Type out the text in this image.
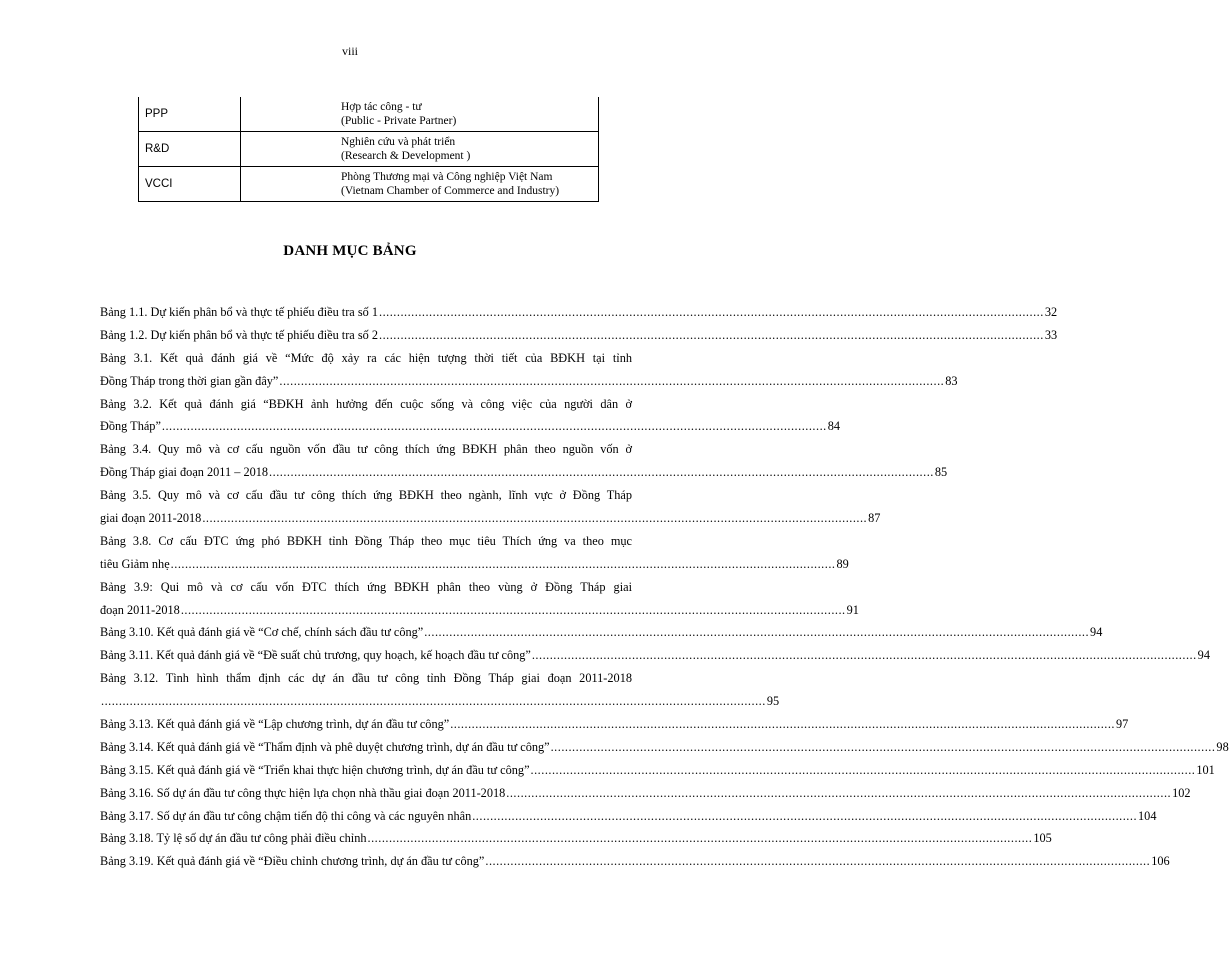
viii
PPP	Hợp tác công - tư
(Public - Private Partner)

R&D	Nghiên cứu và phát triển
(Research & Development )

VCCI	Phòng Thương mại và Công nghiệp Việt Nam
(Vietnam Chamber of Commerce and Industry)
DANH MỤC BẢNG
Bảng 1.1. Dự kiến phân bổ và thực tế phiếu điều tra số 1 .......................................................................................................................................................................................... 32
Bảng 1.2. Dự kiến phân bổ và thực tế phiếu điều tra số 2 .......................................................................................................................................................................................... 33
Bảng 3.1. Kết quả đánh giá về “Mức độ xảy ra các hiện tượng thời tiết của BĐKH tại tỉnh
Đồng Tháp trong thời gian gần đây” .......................................................................................................................................................................................... 83
Bảng 3.2. Kết quả đánh giá “BĐKH ảnh hưởng đến cuộc sống và công việc của người dân ở
Đồng Tháp” .......................................................................................................................................................................................... 84
Bảng 3.4. Quy mô và cơ cấu nguồn vốn đầu tư công thích ứng BĐKH phân theo nguồn vốn ở
Đồng Tháp giai đoạn 2011 – 2018 .......................................................................................................................................................................................... 85
Bảng 3.5. Quy mô và cơ cấu đầu tư công thích ứng BĐKH theo ngành, lĩnh vực ở Đồng Tháp
giai đoạn 2011-2018 .......................................................................................................................................................................................... 87
Bảng 3.8. Cơ cấu ĐTC ứng phó BĐKH tỉnh Đồng Tháp theo mục tiêu Thích ứng va theo mục
tiêu Giảm nhẹ .......................................................................................................................................................................................... 89
Bảng 3.9: Qui mô và cơ cấu vốn ĐTC thích ứng BĐKH phân theo vùng ở Đồng Tháp giai
đoạn 2011-2018 .......................................................................................................................................................................................... 91
Bảng 3.10. Kết quả đánh giá về “Cơ chế, chính sách đầu tư công” .......................................................................................................................................................................................... 94
Bảng 3.11. Kết quả đánh giá về “Đề suất chủ trương, quy hoạch, kế hoạch đầu tư công” .......................................................................................................................................................................................... 94
Bảng 3.12. Tình hình thẩm định các dự án đầu tư công tỉnh Đồng Tháp giai đoạn 2011-2018
.......................................................................................................................................................................................... 95
Bảng 3.13. Kết quả đánh giá về “Lập chương trình, dự án đầu tư công” .......................................................................................................................................................................................... 97
Bảng 3.14. Kết quả đánh giá về “Thẩm định và phê duyệt chương trình, dự án đầu tư công” .......................................................................................................................................................................................... 98
Bảng 3.15. Kết quả đánh giá về “Triển khai thực hiện chương trình, dự án đầu tư công” .......................................................................................................................................................................................... 101
Bảng 3.16. Số dự án đầu tư công thực hiện lựa chọn nhà thầu giai đoạn 2011-2018 .......................................................................................................................................................................................... 102
Bảng 3.17. Số dự án đầu tư công chậm tiến độ thi công và các nguyên nhân .......................................................................................................................................................................................... 104
Bảng 3.18. Tỷ lệ số dự án đầu tư công phải điều chỉnh .......................................................................................................................................................................................... 105
Bảng 3.19. Kết quả đánh giá về “Điều chỉnh chương trình, dự án đầu tư công” .......................................................................................................................................................................................... 106
